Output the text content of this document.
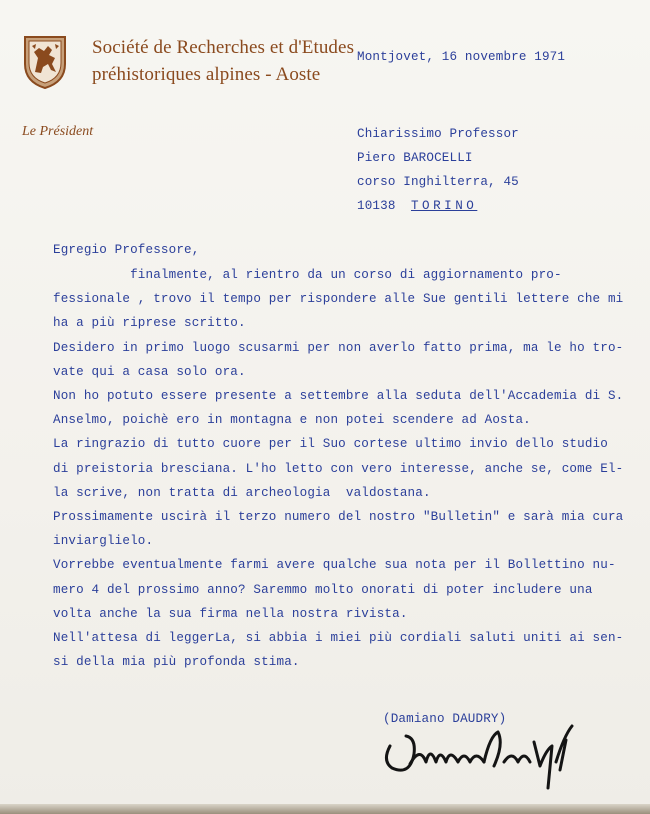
Société de Recherches et d'Etudes
préhistoriques alpines - Aoste
Le Président
Montjovet, 16 novembre 1971
Chiarissimo Professor
Piero BAROCELLI
corso Inghilterra, 45
10138 TORINO
Egregio Professore,
finalmente, al rientro da un corso di aggiornamento pro-
fessionale , trovo il tempo per rispondere alle Sue gentili lettere che mi
ha a più riprese scritto.
Desidero in primo luogo scusarmi per non averlo fatto prima, ma le ho tro-
vate qui a casa solo ora.
Non ho potuto essere presente a settembre alla seduta dell'Accademia di S.
Anselmo, poichè ero in montagna e non potei scendere ad Aosta.
La ringrazio di tutto cuore per il Suo cortese ultimo invio dello studio
di preistoria bresciana. L'ho letto con vero interesse, anche se, come El-
la scrive, non tratta di archeologia  valdostana.
Prossimamente uscirà il terzo numero del nostro "Bulletin" e sarà mia cura
inviarglielo.
Vorrebbe eventualmente farmi avere qualche sua nota per il Bollettino nu-
mero 4 del prossimo anno? Saremmo molto onorati di poter includere una
volta anche la sua firma nella nostra rivista.
Nell'attesa di leggerLa, si abbia i miei più cordiali saluti uniti ai sen-
si della mia più profonda stima.
(Damiano DAUDRY)
